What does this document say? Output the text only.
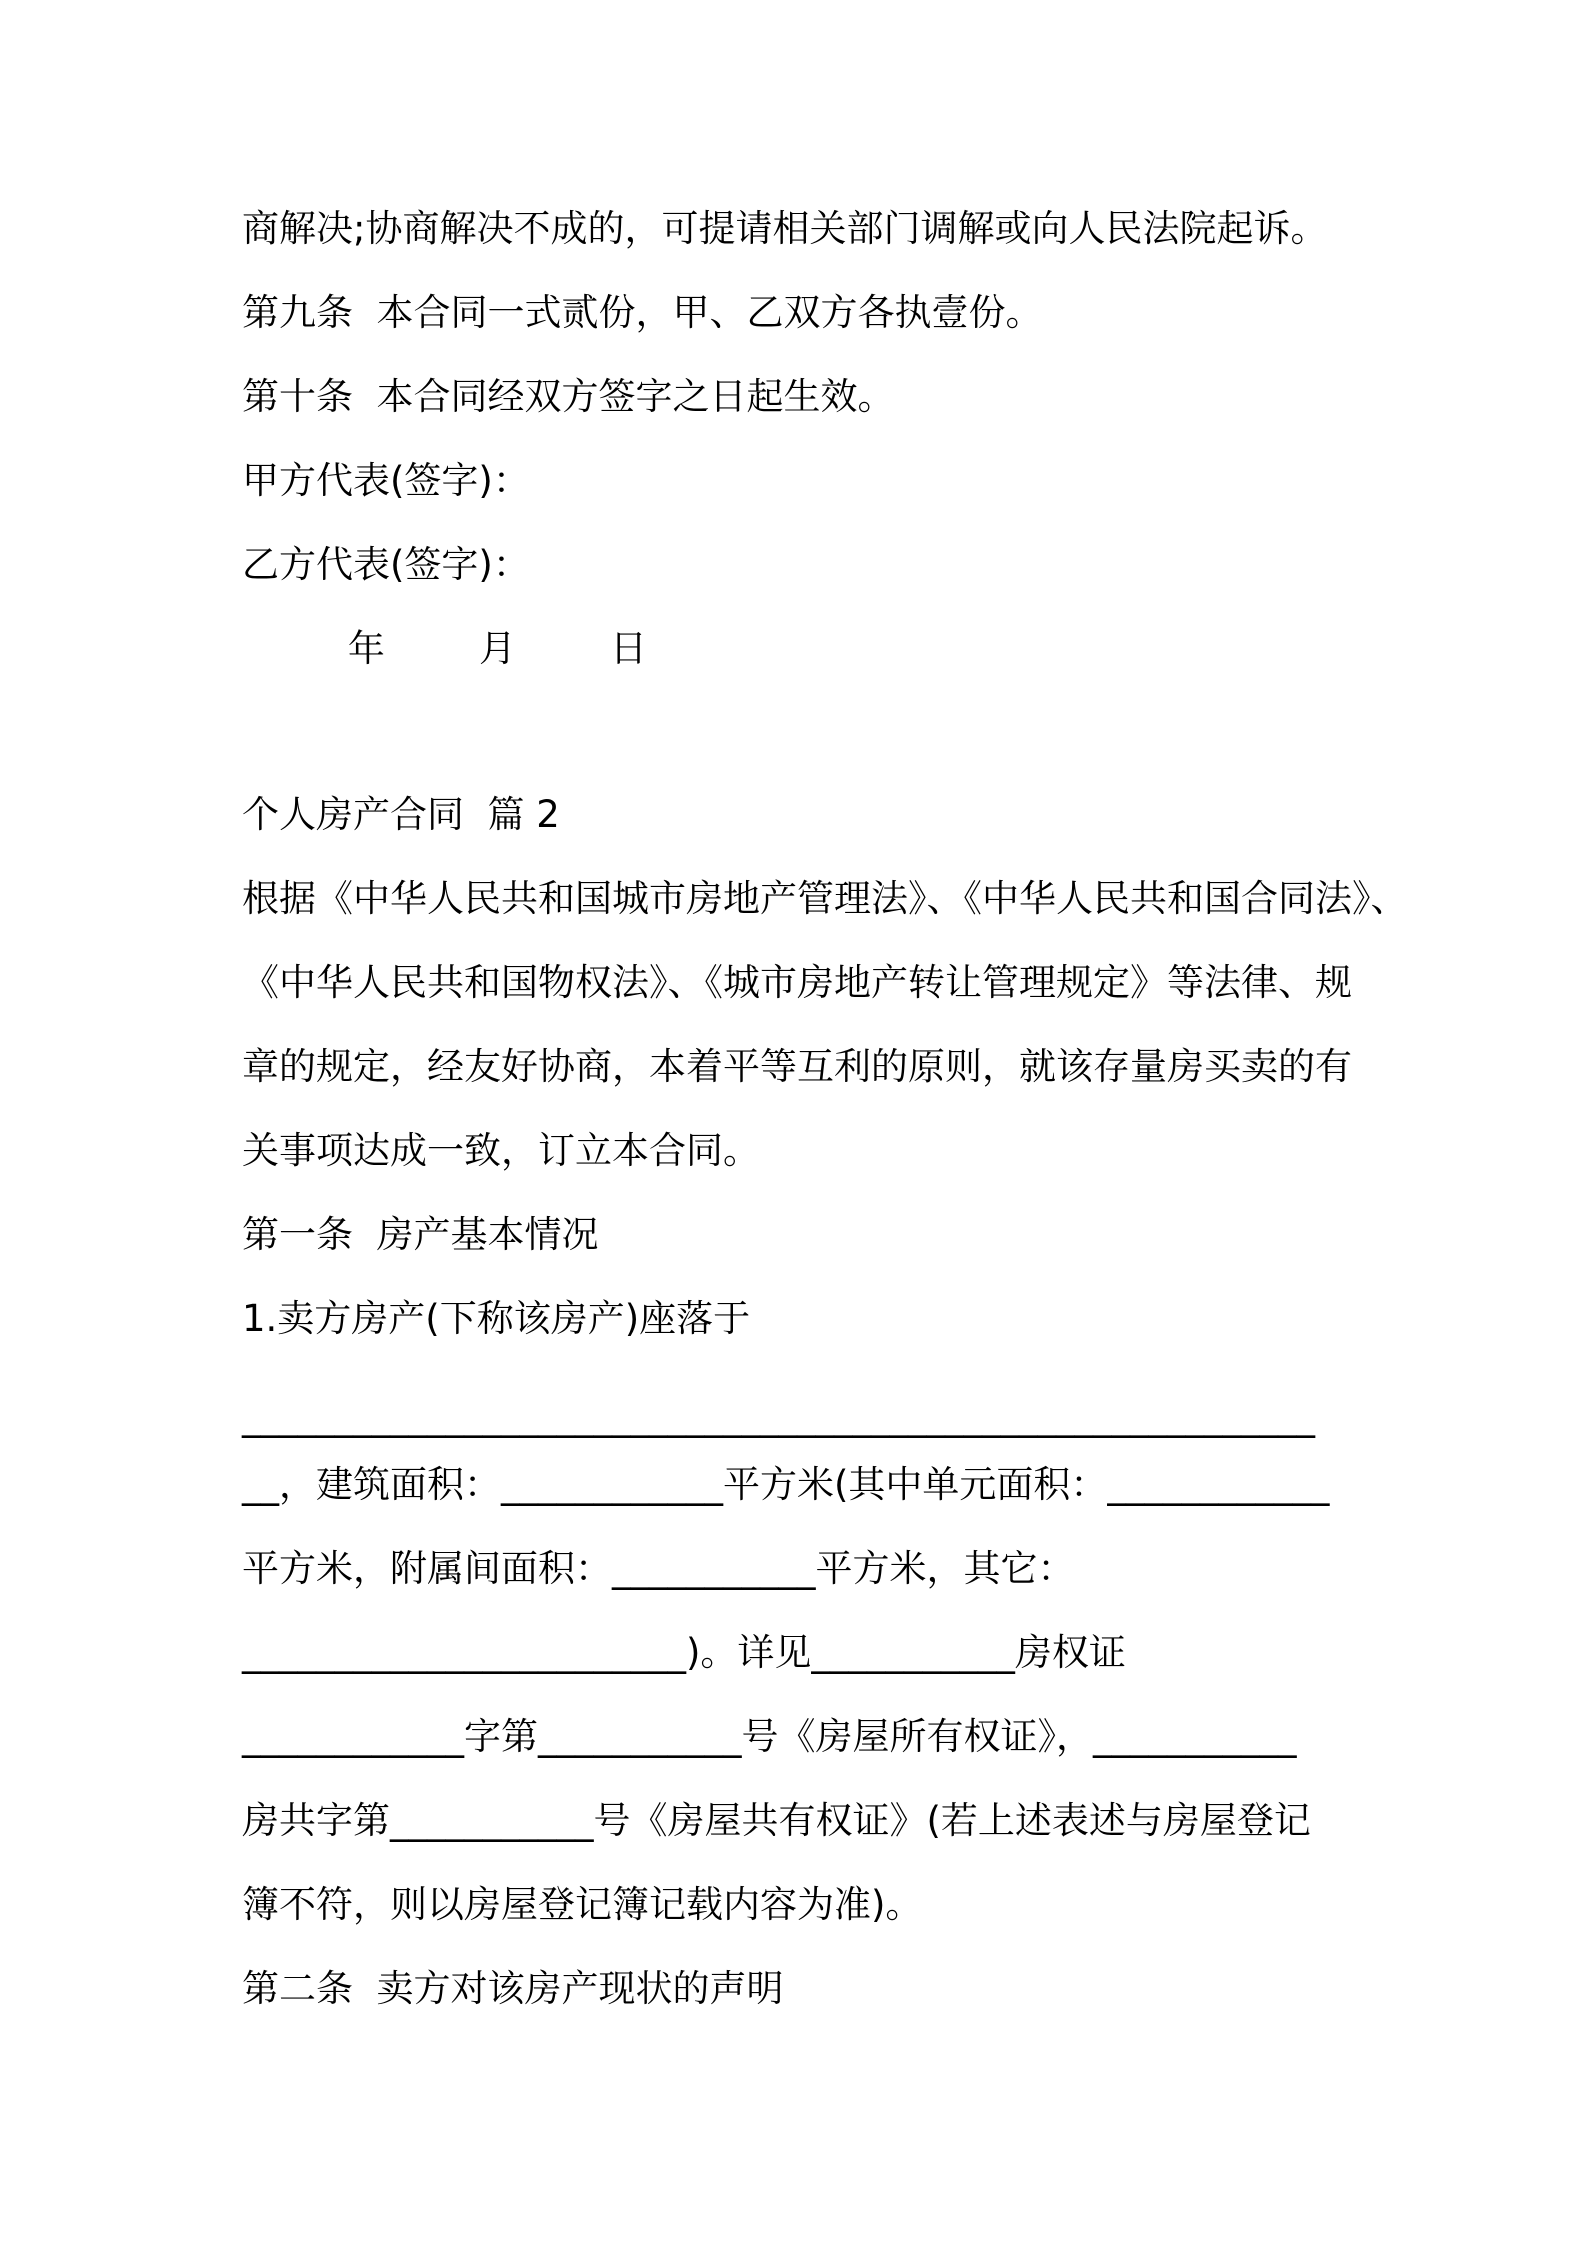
商解决;协商解决不成的，可提请相关部门调解或向人民法院起诉。
第九条  本合同一式贰份，甲、乙双方各执壹份。
第十条  本合同经双方签字之日起生效。
甲方代表(签字)：
乙方代表(签字)：
年        月        日
个人房产合同  篇 2
根据《中华人民共和国城市房地产管理法》、《中华人民共和国合同法》、
《中华人民共和国物权法》、《城市房地产转让管理规定》等法律、规
章的规定，经友好协商，本着平等互利的原则，就该存量房买卖的有
关事项达成一致，订立本合同。
第一条  房产基本情况
1.卖方房产(下称该房产)座落于
__________________________________________________________
__，建筑面积：____________平方米(其中单元面积：____________
平方米，附属间面积：___________平方米，其它：
________________________)。详见___________房权证
____________字第___________号《房屋所有权证》，___________
房共字第___________号《房屋共有权证》(若上述表述与房屋登记
簿不符，则以房屋登记簿记载内容为准)。
第二条  卖方对该房产现状的声明
